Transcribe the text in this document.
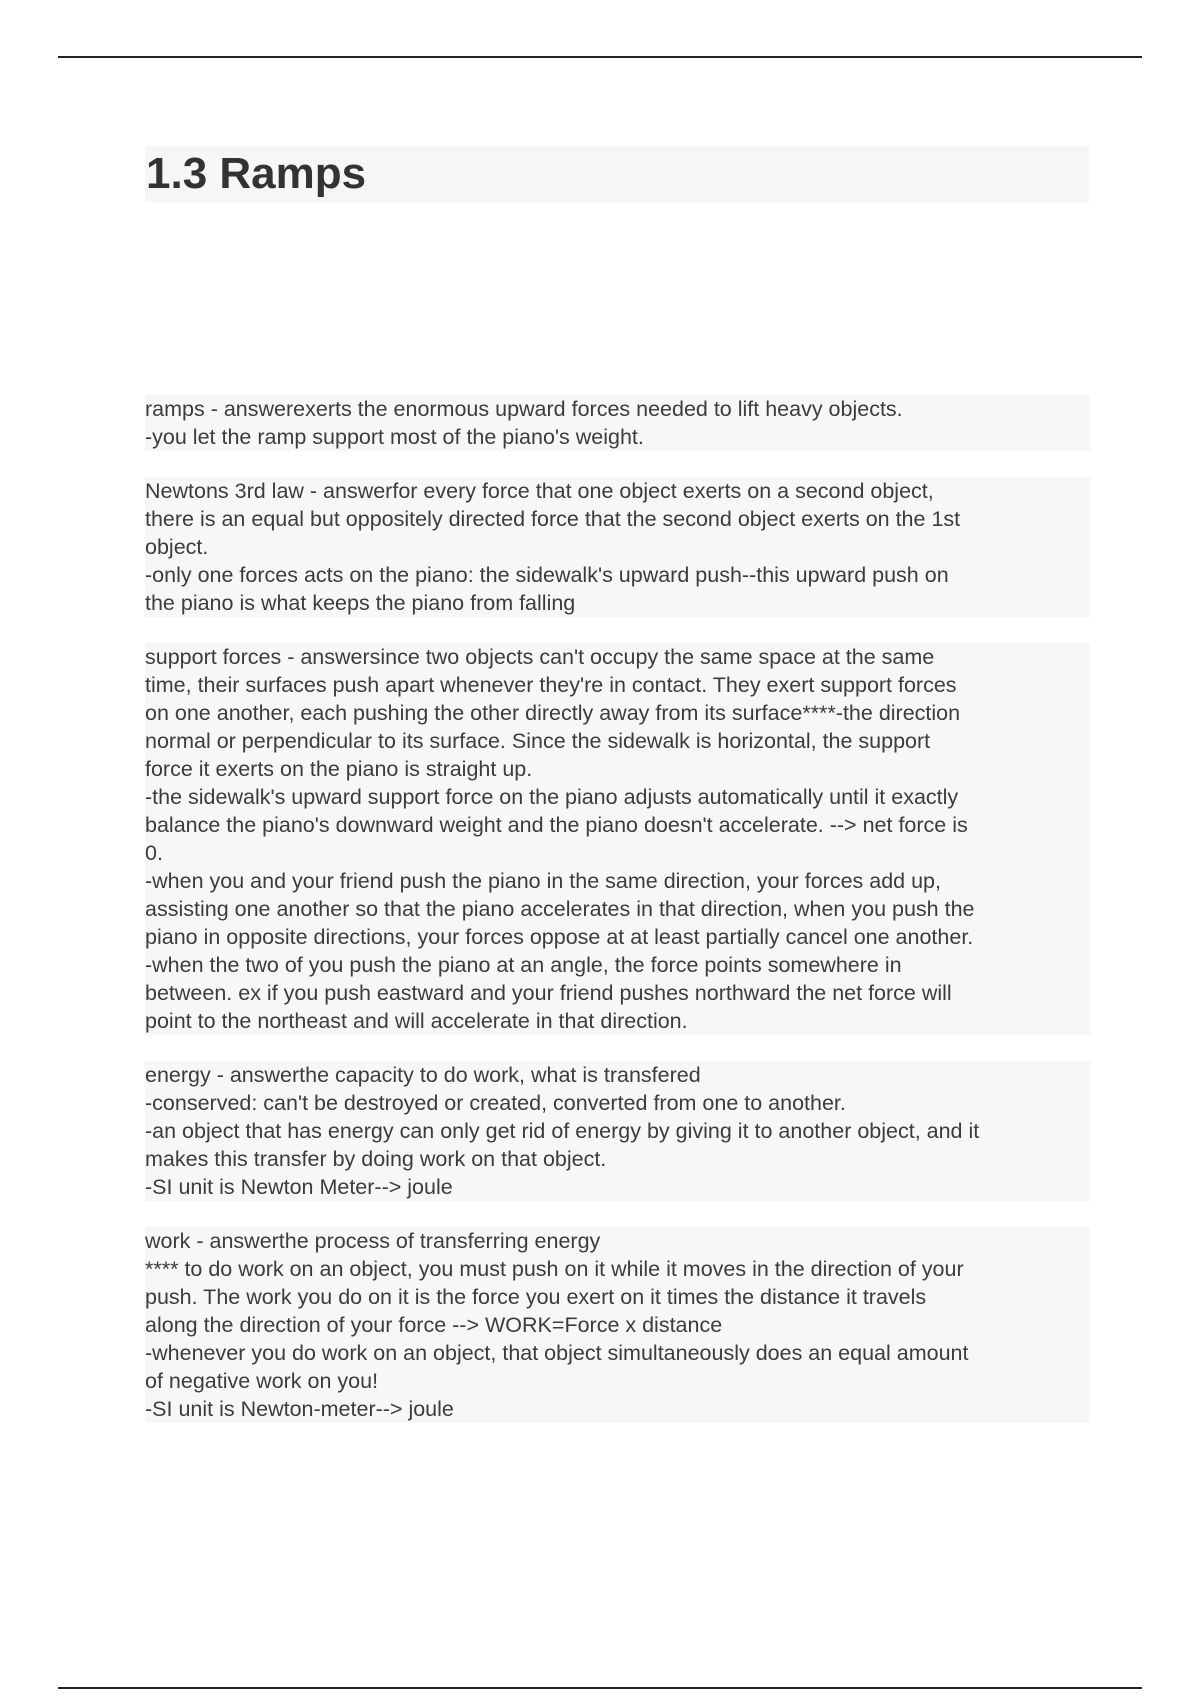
1.3 Ramps
ramps - answerexerts the enormous upward forces needed to lift heavy objects.
-you let the ramp support most of the piano's weight.
Newtons 3rd law - answerfor every force that one object exerts on a second object,
there is an equal but oppositely directed force that the second object exerts on the 1st
object.
-only one forces acts on the piano: the sidewalk's upward push--this upward push on
the piano is what keeps the piano from falling
support forces - answersince two objects can't occupy the same space at the same
time, their surfaces push apart whenever they're in contact. They exert support forces
on one another, each pushing the other directly away from its surface****-the direction
normal or perpendicular to its surface. Since the sidewalk is horizontal, the support
force it exerts on the piano is straight up.
-the sidewalk's upward support force on the piano adjusts automatically until it exactly
balance the piano's downward weight and the piano doesn't accelerate. --> net force is
0.
-when you and your friend push the piano in the same direction, your forces add up,
assisting one another so that the piano accelerates in that direction, when you push the
piano in opposite directions, your forces oppose at at least partially cancel one another.
-when the two of you push the piano at an angle, the force points somewhere in
between. ex if you push eastward and your friend pushes northward the net force will
point to the northeast and will accelerate in that direction.
energy - answerthe capacity to do work, what is transfered
-conserved: can't be destroyed or created, converted from one to another.
-an object that has energy can only get rid of energy by giving it to another object, and it
makes this transfer by doing work on that object.
-SI unit is Newton Meter--> joule
work - answerthe process of transferring energy
**** to do work on an object, you must push on it while it moves in the direction of your
push. The work you do on it is the force you exert on it times the distance it travels
along the direction of your force --> WORK=Force x distance
-whenever you do work on an object, that object simultaneously does an equal amount
of negative work on you!
-SI unit is Newton-meter--> joule
